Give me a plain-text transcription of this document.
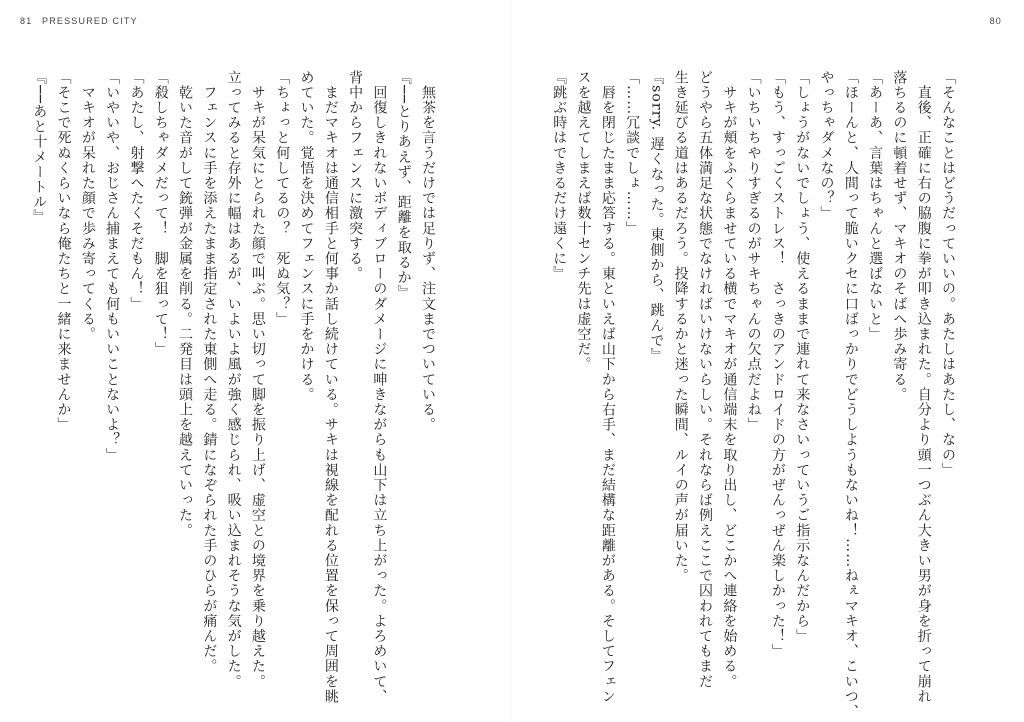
81 PRESSURED CITY	80
「そんなことはどうだっていいの。あたしはあたし、なの」
　直後、正確に右の脇腹に拳が叩き込まれた。自分より頭一つぶん大きい男が身を折って崩れ
落ちるのに頓着せず、マキオのそばへ歩み寄る。
「あーあ、言葉はちゃんと選ばないと」
「ほーんと、人間って脆いクセに口ばっかりでどうしようもないね！……ねぇマキオ、こいつ、
やっちゃダメなの？」
「しょうがないでしょう、使えるままで連れて来なさいっていうご指示なんだから」
「もう、すっごくストレス！　さっきのアンドロイドの方がぜんっぜん楽しかった！」
「いちいちやりすぎるのがサキちゃんの欠点だよね」
　サキが頬をふくらませている横でマキオが通信端末を取り出し、どこかへ連絡を始める。
どうやら五体満足な状態でなければいけないらしい。それならば例えここで囚われてもまだ
生き延びる道はあるだろう。投降するかと迷った瞬間、ルイの声が届いた。
『sorry. 遅くなった。東側から、跳んで』
「……冗談でしょ……」
　唇を閉じたまま応答する。東といえば山下から右手、まだ結構な距離がある。そしてフェン
スを越えてしまえば数十センチ先は虚空だ。
『跳ぶ時はできるだけ遠くに』
　無茶を言うだけでは足りず、注文までついている。
『──とりあえず、距離を取るか』
　回復しきれないボディブローのダメージに呻きながらも山下は立ち上がった。よろめいて、
背中からフェンスに激突する。
　まだマキオは通信相手と何事か話し続けている。サキは視線を配れる位置を保って周囲を眺
めていた。覚悟を決めてフェンスに手をかける。
「ちょっと何してるの？　死ぬ気？」
　サキが呆気にとられた顔で叫ぶ。思い切って脚を振り上げ、虚空との境界を乗り越えた。
立ってみると存外に幅はあるが、いよいよ風が強く感じられ、吸い込まれそうな気がした。
　フェンスに手を添えたまま指定された東側へ走る。錆になぞられた手のひらが痛んだ。
　乾いた音がして銃弾が金属を削る。二発目は頭上を越えていった。
「殺しちゃダメだって！　脚を狙って！」
「あたし、射撃へたくそだもん！」
「いやいや、おじさん捕まえても何もいいことないよ？」
　マキオが呆れた顔で歩み寄ってくる。
「そこで死ぬくらいなら俺たちと一緒に来ませんか」
『──あと十メートル』
